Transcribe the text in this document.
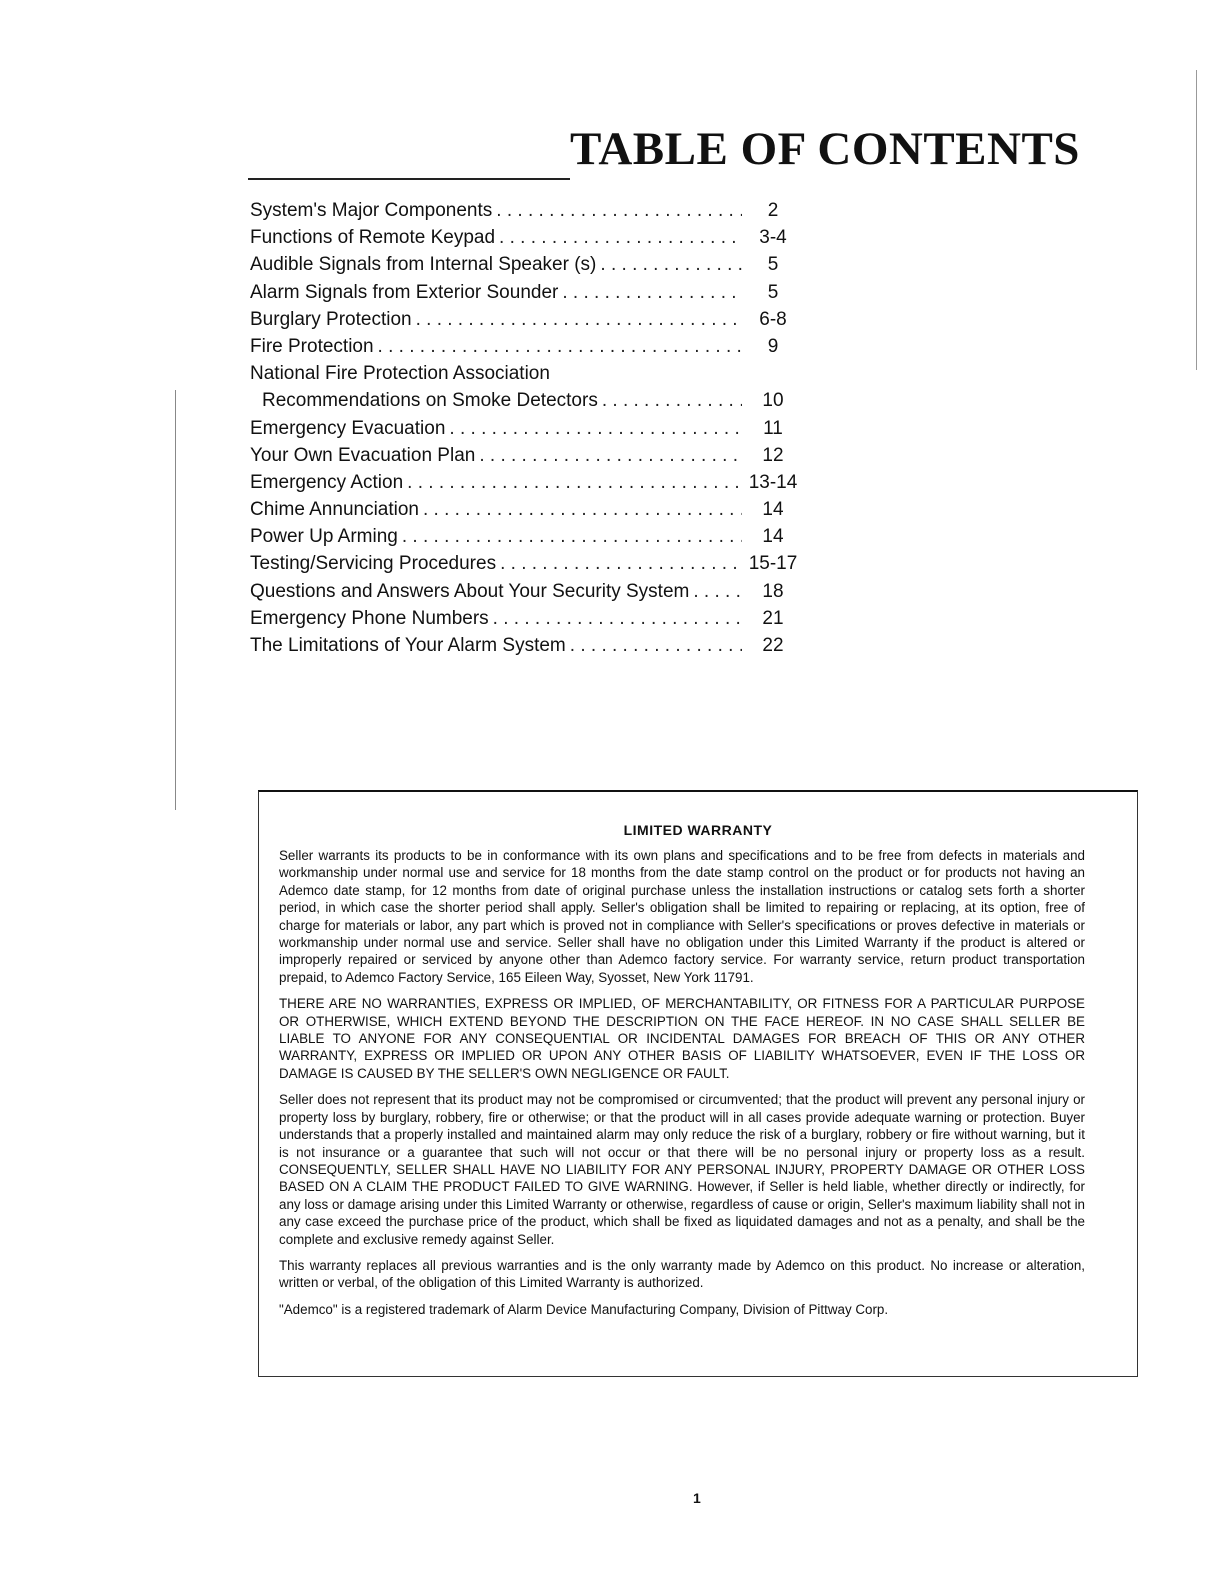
TABLE OF CONTENTS
System's Major Components . . .	2
Functions of Remote Keypad . . .	3-4
Audible Signals from Internal Speaker (s) . . .	5
Alarm Signals from Exterior Sounder . . .	5
Burglary Protection . . .	6-8
Fire Protection . . .	9
National Fire Protection Association
Recommendations on Smoke Detectors . . .	10
Emergency Evacuation . . .	11
Your Own Evacuation Plan . . .	12
Emergency Action . . .	13-14
Chime Annunciation . . .	14
Power Up Arming . . .	14
Testing/Servicing Procedures . . .	15-17
Questions and Answers About Your Security System . . .	18
Emergency Phone Numbers . . .	21
The Limitations of Your Alarm System . . .	22
LIMITED WARRANTY

Seller warrants its products to be in conformance with its own plans and specifications and to be free from defects in materials and workmanship under normal use and service for 18 months from the date stamp control on the product or for products not having an Ademco date stamp, for 12 months from date of original purchase unless the installation instructions or catalog sets forth a shorter period, in which case the shorter period shall apply. Seller's obligation shall be limited to repairing or replacing, at its option, free of charge for materials or labor, any part which is proved not in compliance with Seller's specifications or proves defective in materials or workmanship under normal use and service. Seller shall have no obligation under this Limited Warranty if the product is altered or improperly repaired or serviced by anyone other than Ademco factory service. For warranty service, return product transportation prepaid, to Ademco Factory Service, 165 Eileen Way, Syosset, New York 11791.

THERE ARE NO WARRANTIES, EXPRESS OR IMPLIED, OF MERCHANTABILITY, OR FITNESS FOR A PARTICULAR PURPOSE OR OTHERWISE, WHICH EXTEND BEYOND THE DESCRIPTION ON THE FACE HEREOF. IN NO CASE SHALL SELLER BE LIABLE TO ANYONE FOR ANY CONSEQUENTIAL OR INCIDENTAL DAMAGES FOR BREACH OF THIS OR ANY OTHER WARRANTY, EXPRESS OR IMPLIED OR UPON ANY OTHER BASIS OF LIABILITY WHATSOEVER, EVEN IF THE LOSS OR DAMAGE IS CAUSED BY THE SELLER'S OWN NEGLIGENCE OR FAULT.

Seller does not represent that its product may not be compromised or circumvented; that the product will prevent any personal injury or property loss by burglary, robbery, fire or otherwise; or that the product will in all cases provide adequate warning or protection. Buyer understands that a properly installed and maintained alarm may only reduce the risk of a burglary, robbery or fire without warning, but it is not insurance or a guarantee that such will not occur or that there will be no personal injury or property loss as a result. CONSEQUENTLY, SELLER SHALL HAVE NO LIABILITY FOR ANY PERSONAL INJURY, PROPERTY DAMAGE OR OTHER LOSS BASED ON A CLAIM THE PRODUCT FAILED TO GIVE WARNING. However, if Seller is held liable, whether directly or indirectly, for any loss or damage arising under this Limited Warranty or otherwise, regardless of cause or origin, Seller's maximum liability shall not in any case exceed the purchase price of the product, which shall be fixed as liquidated damages and not as a penalty, and shall be the complete and exclusive remedy against Seller.

This warranty replaces all previous warranties and is the only warranty made by Ademco on this product. No increase or alteration, written or verbal, of the obligation of this Limited Warranty is authorized.

"Ademco" is a registered trademark of Alarm Device Manufacturing Company, Division of Pittway Corp.

1
